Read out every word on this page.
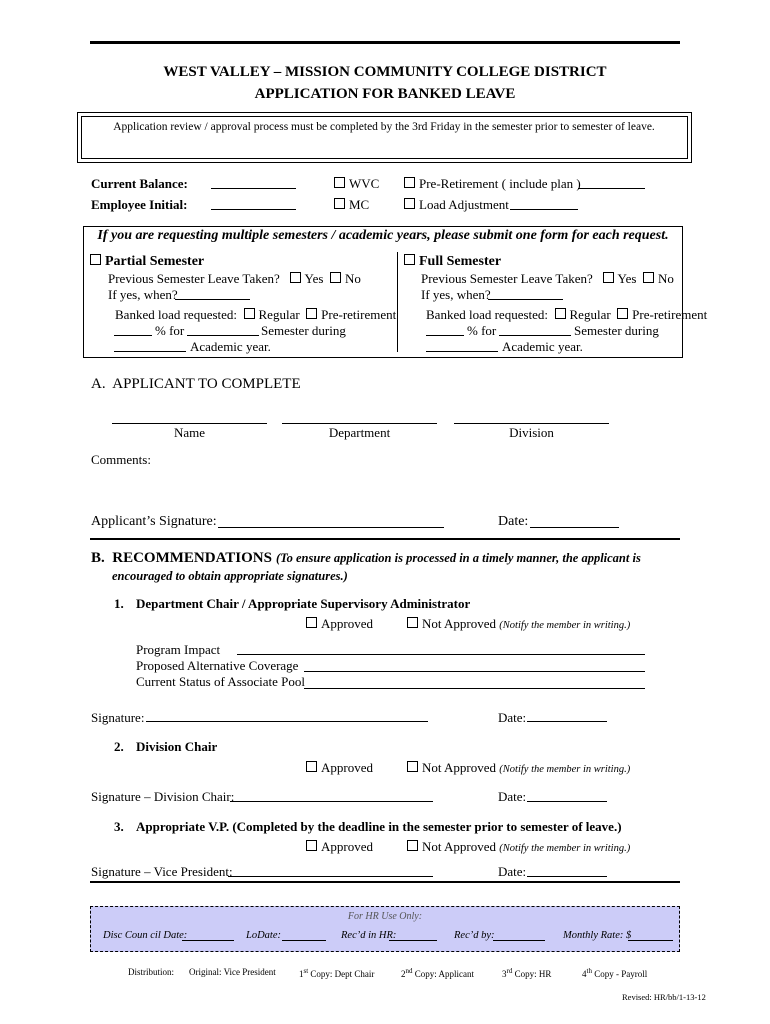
WEST VALLEY – MISSION COMMUNITY COLLEGE DISTRICT
APPLICATION FOR BANKED LEAVE
Application review / approval process must be completed by the 3rd Friday in the semester prior to semester of leave.
Current Balance:	WVC	Pre-Retirement ( include plan )
Employee Initial:	MC	Load Adjustment
If you are requesting multiple semesters / academic years, please submit one form for each request.
Partial Semester
Previous Semester Leave Taken? Yes No
If yes, when?
Banked load requested: Regular Pre-retirement
% for	Semester during
Academic year.
Full Semester
Previous Semester Leave Taken? Yes No
If yes, when?
Banked load requested: Regular Pre-retirement
% for	Semester during
Academic year.
A.  APPLICANT TO COMPLETE
Name	Department	Division
Comments:
Applicant’s Signature:	Date:
B.  RECOMMENDATIONS (To ensure application is processed in a timely manner, the applicant is
encouraged to obtain appropriate signatures.)
1. Department Chair / Appropriate Supervisory Administrator
Approved	Not Approved (Notify the member in writing.)
Program Impact
Proposed Alternative Coverage
Current Status of Associate Pool
Signature:	Date:
2. Division Chair
Approved	Not Approved (Notify the member in writing.)
Signature – Division Chair:	Date:
3. Appropriate V.P. (Completed by the deadline in the semester prior to semester of leave.)
Approved	Not Approved (Notify the member in writing.)
Signature – Vice President:	Date:
For HR Use Only:
Disc Coun cil Date:	LoDate:	Rec’d in HR:	Rec’d by:	Monthly Rate: $
Distribution: Original: Vice President	1st Copy: Dept Chair	2nd Copy: Applicant	3rd Copy: HR	4th Copy - Payroll
Revised: HR/bb/1-13-12
